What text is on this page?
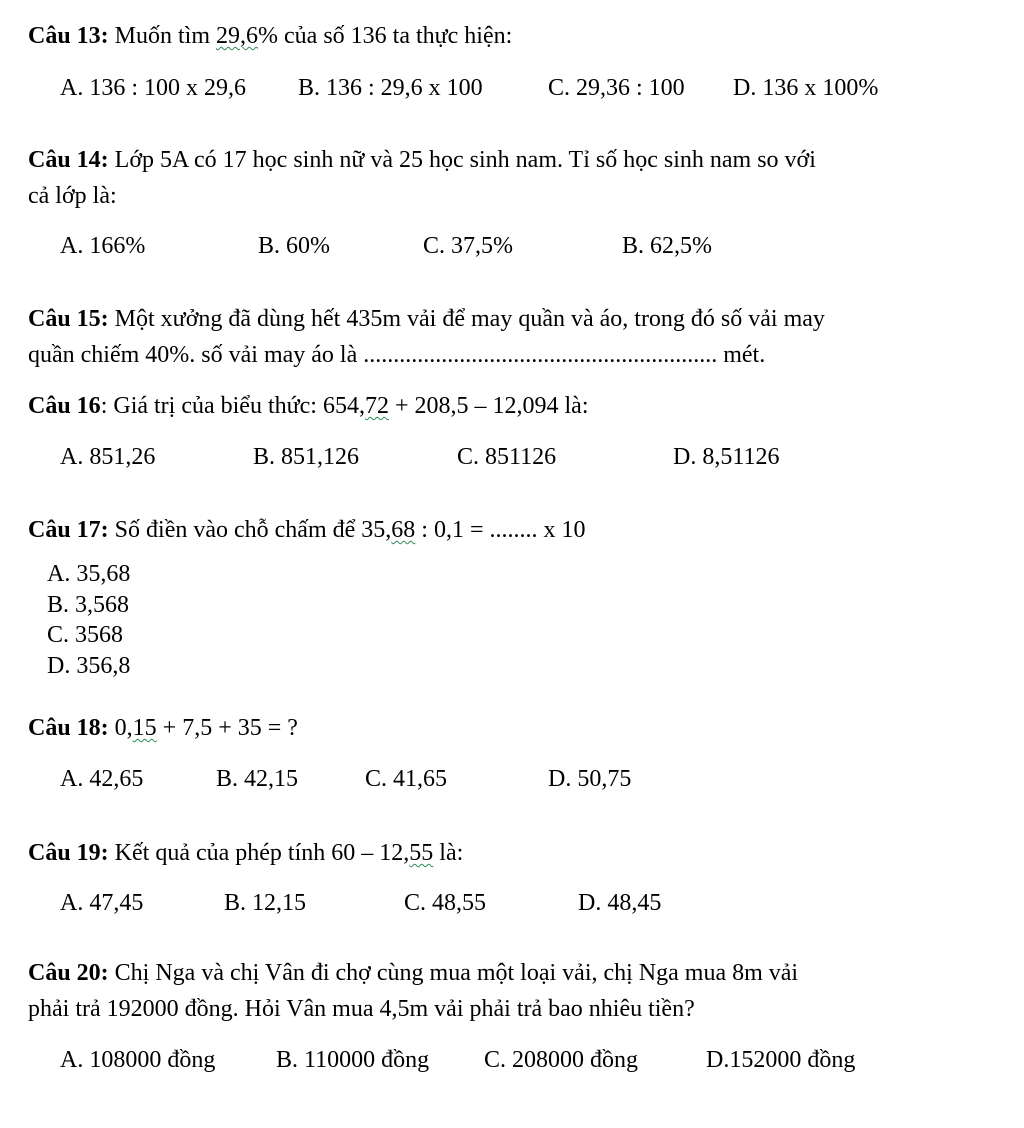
Câu 13: Muốn tìm 29,6% của số 136 ta thực hiện:
A. 136 : 100 x 29,6 B. 136 : 29,6 x 100	C. 29,36 : 100 D. 136 x 100%
Câu 14: Lớp 5A có 17 học sinh nữ và 25 học sinh nam. Tỉ số học sinh nam so với
cả lớp là:
A. 166%	B. 60%	C. 37,5%	B. 62,5%
Câu 15: Một xưởng đã dùng hết 435m vải để may quần và áo, trong đó số vải may
quần chiếm 40%. số vải may áo là ........................................................... mét.
Câu 16: Giá trị của biểu thức: 654,72 + 208,5 – 12,094 là:
A. 851,26	B. 851,126	C. 851126	D. 8,51126
Câu 17: Số điền vào chỗ chấm để 35,68 : 0,1 = ........ x 10
A. 35,68
B. 3,568
C. 3568
D. 356,8
Câu 18: 0,15 + 7,5 + 35 = ?
A. 42,65	B. 42,15	C. 41,65	D. 50,75
Câu 19: Kết quả của phép tính 60 – 12,55 là:
A. 47,45	B. 12,15	C. 48,55	D. 48,45
Câu 20: Chị Nga và chị Vân đi chợ cùng mua một loại vải, chị Nga mua 8m vải
phải trả 192000 đồng. Hỏi Vân mua 4,5m vải phải trả bao nhiêu tiền?
A. 108000 đồng	B. 110000 đồng C. 208000 đồng	D.152000 đồng
